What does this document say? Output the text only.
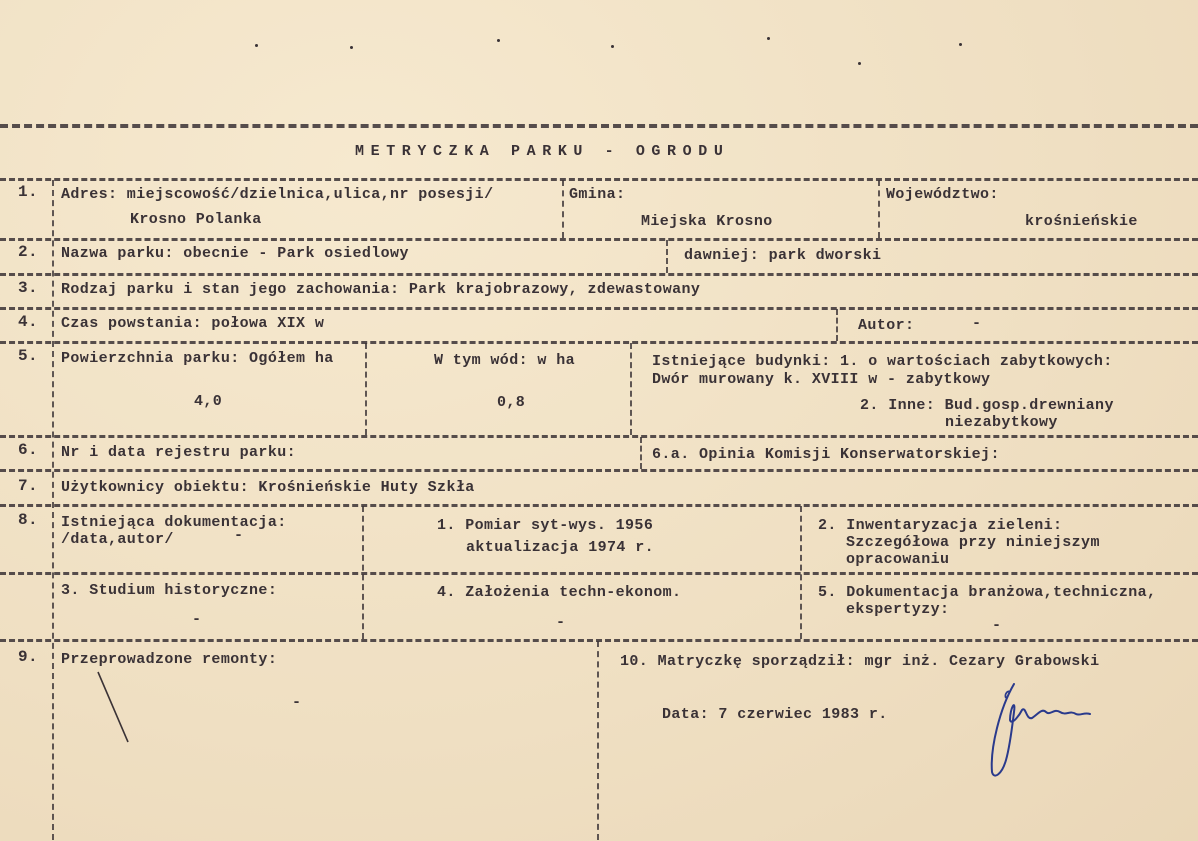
METRYCZKA PARKU - OGRODU
1. Adres: miejscowość/dzielnica,ulica,nr posesji/
Krosno Polanka
Gmina:
Miejska Krosno
Województwo:
krośnieńskie
2. Nazwa parku: obecnie - Park osiedlowy	dawniej: park dworski
3. Rodzaj parku i stan jego zachowania: Park krajobrazowy, zdewastowany
4. Czas powstania: połowa XIX w	Autor:	-
5. Powierzchnia parku: Ogółem ha
4,0
W tym wód: w ha
0,8
Istniejące budynki: 1. o wartościach zabytkowych:
Dwór murowany k. XVIII w - zabytkowy
2. Inne: Bud.gosp.drewniany
niezabytkowy
6. Nr i data rejestru parku:	6.a. Opinia Komisji Konserwatorskiej:
7. Użytkownicy obiektu: Krośnieńskie Huty Szkła
8. Istniejąca dokumentacja:
/data,autor/	-
1. Pomiar syt-wys. 1956
aktualizacja 1974 r.
2. Inwentaryzacja zieleni:
Szczegółowa przy niniejszym
opracowaniu
3. Studium historyczne:
-
4. Założenia techn-ekonom.
-
5. Dokumentacja branżowa,techniczna,
ekspertyzy:
-
9. Przeprowadzone remonty:
-
10. Matryczkę sporządził: mgr inż. Cezary Grabowski
Data: 7 czerwiec 1983 r.
